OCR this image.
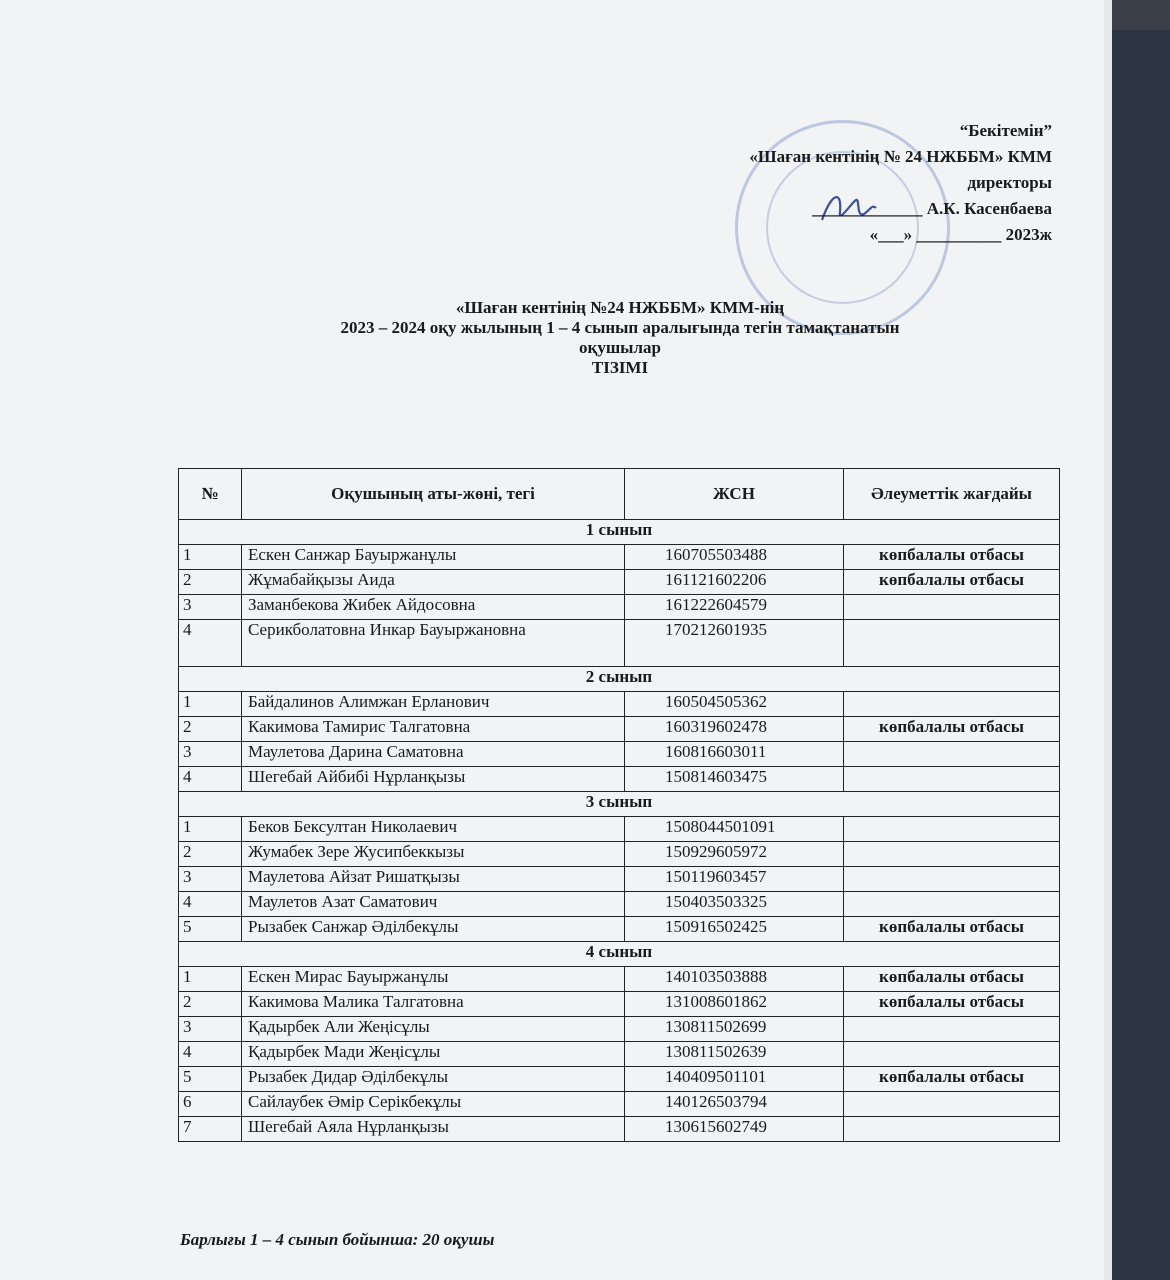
“Бекітемін”
«Шаған кентінің № 24 НЖББМ» КММ
директоры
_____________ А.К. Касенбаева
«___» __________ 2023ж
«Шаған кентінің №24 НЖББМ» КММ-нің
2023 – 2024 оқу жылының 1 – 4 сынып аралығында тегін тамақтанатын
оқушылар
ТІЗІМІ
№	Оқушының аты-жөні, тегі	ЖСН	Әлеуметтік жағдайы
1 сынып			
1	Ескен Санжар Бауыржанұлы	160705503488	көпбалалы отбасы
2	Жұмабайқызы Аида	161121602206	көпбалалы отбасы
3	Заманбекова Жибек Айдосовна	161222604579	
4	Серикболатовна Инкар Бауыржановна	170212601935	
2 сынып			
1	Байдалинов Алимжан Ерланович	160504505362	
2	Какимова Тамирис Талгатовна	160319602478	көпбалалы отбасы
3	Маулетова Дарина Саматовна	160816603011	
4	Шегебай Айбибі Нұрланқызы	150814603475	
3 сынып			
1	Беков Бексултан Николаевич	1508044501091	
2	Жумабек Зере Жусипбеккызы	150929605972	
3	Маулетова Айзат Ришатқызы	150119603457	
4	Маулетов Азат Саматович	150403503325	
5	Рызабек Санжар Әділбекұлы	150916502425	көпбалалы отбасы
4 сынып			
1	Ескен Мирас Бауыржанұлы	140103503888	көпбалалы отбасы
2	Какимова Малика Талгатовна	131008601862	көпбалалы отбасы
3	Қадырбек Али Жеңісұлы	130811502699	
4	Қадырбек Мади Жеңісұлы	130811502639	
5	Рызабек Дидар Әділбекұлы	140409501101	көпбалалы отбасы
6	Сайлаубек Әмір Серікбекұлы	140126503794	
7	Шегебай Аяла Нұрланқызы	130615602749	
Барлығы 1 – 4 сынып бойынша: 20 оқушы
